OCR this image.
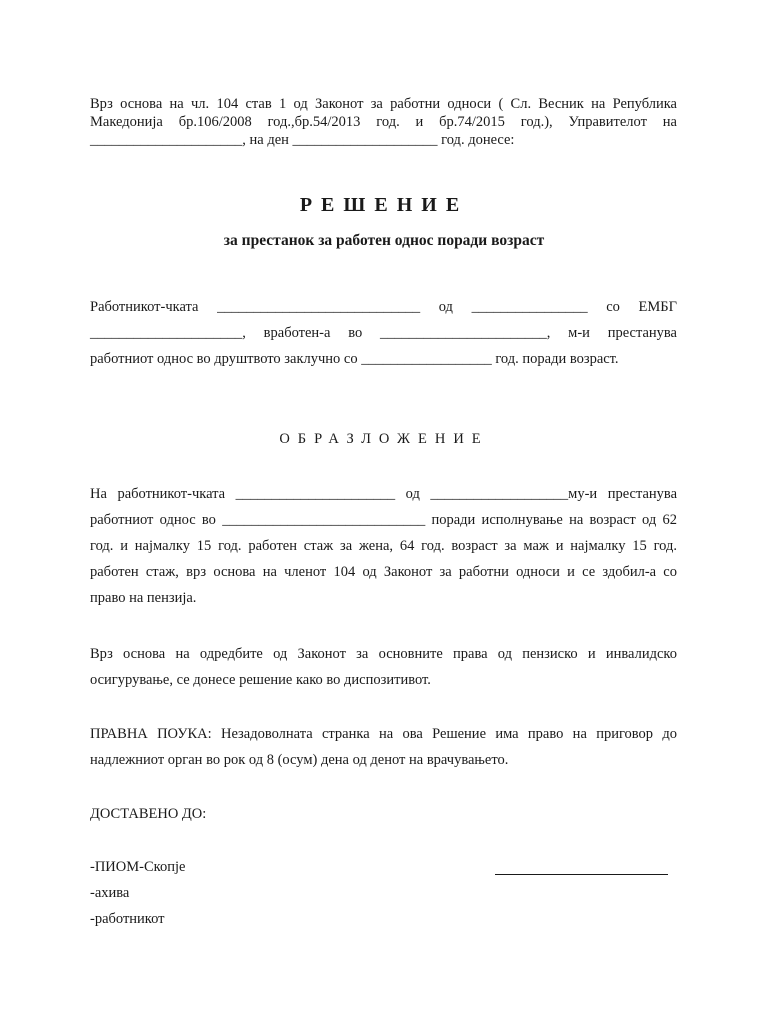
Врз основа на чл. 104 став 1 од Законот за работни односи ( Сл. Весник на Република
Македонија бр.106/2008 год.,бр.54/2013 год. и бр.74/2015 год.), Управителот на
_____________________, на ден ____________________ год. донесе:
РЕШЕНИЕ
за престанок за работен однос поради возраст
Работникот-чката ____________________________ од ________________ со ЕМБГ
_____________________, вработен-а во _______________________, м-и престанува
работниот однос во друштвото заклучно со __________________ год. поради возраст.
ОБРАЗЛОЖЕНИЕ
На работникот-чката ______________________ од ___________________му-и престанува
работниот однос во ____________________________ поради исполнување на возраст од 62
год. и најмалку 15 год. работен стаж за жена, 64 год. возраст за маж и најмалку 15 год.
работен стаж, врз основа на членот 104 од Законот за работни односи и се здобил-а со
право на пензија.
Врз основа на одредбите од Законот за основните права од пензиско и инвалидско
осигурување, се донесе решение како во диспозитивот.
ПРАВНА ПОУКА: Незадоволната странка на ова Решение има право на приговор до
надлежниот орган во рок од 8 (осум) дена од денот на врачувањето.
ДОСТАВЕНО ДО:
-ПИОМ-Скопје
-ахива
-работникот
